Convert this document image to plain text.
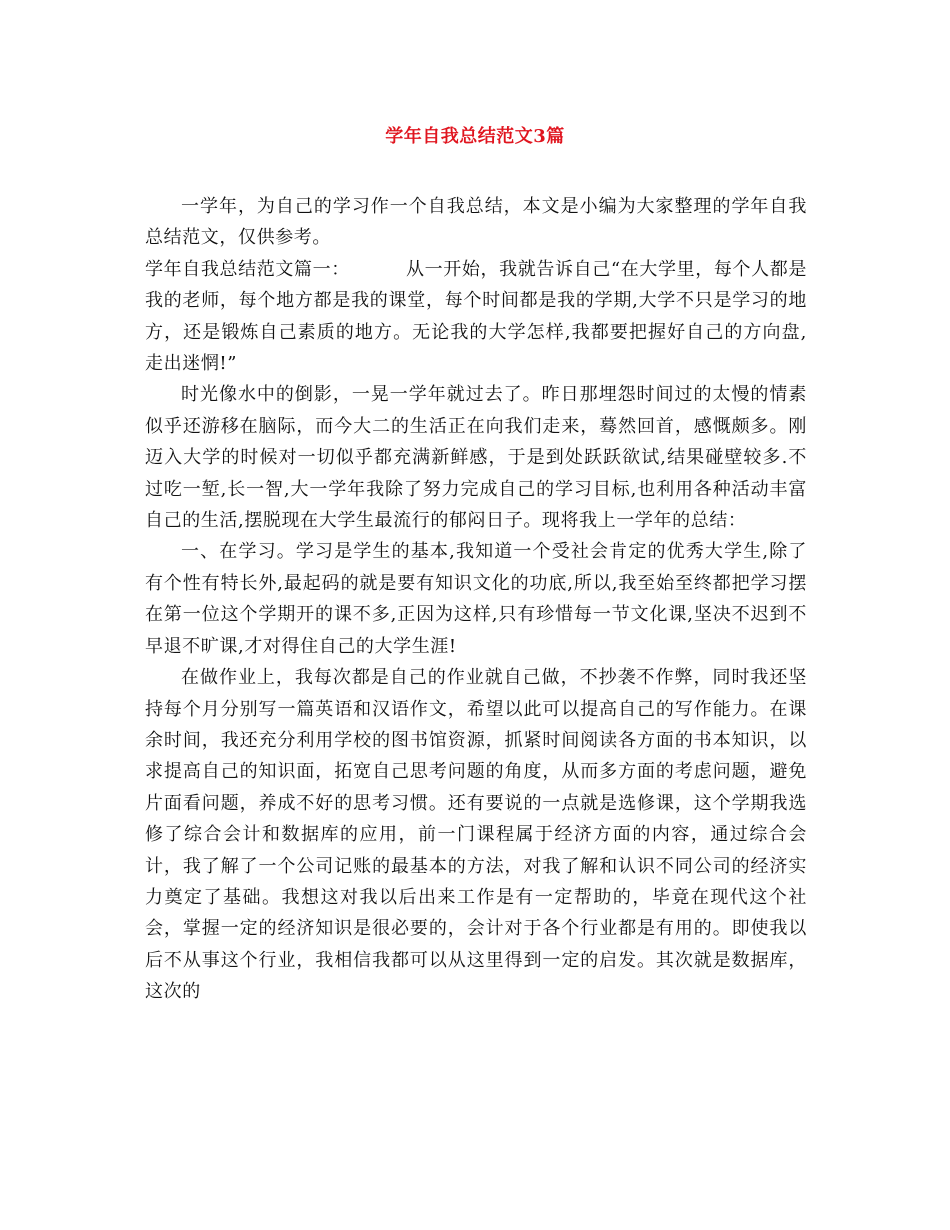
学年自我总结范文3篇

一学年，为自己的学习作一个自我总结，本文是小编为大家整理的学年自我总结范文，仅供参考。

学年自我总结范文篇一：	从一开始，我就告诉自己“在大学里，每个人都是我的老师，每个地方都是我的课堂，每个时间都是我的学期,大学不只是学习的地方，还是锻炼自己素质的地方。无论我的大学怎样,我都要把握好自己的方向盘,走出迷惘!”

时光像水中的倒影，一晃一学年就过去了。昨日那埋怨时间过的太慢的情素似乎还游移在脑际，而今大二的生活正在向我们走来，蓦然回首，感慨颇多。刚迈入大学的时候对一切似乎都充满新鲜感，于是到处跃跃欲试,结果碰壁较多.不过吃一堑,长一智,大一学年我除了努力完成自己的学习目标,也利用各种活动丰富自己的生活,摆脱现在大学生最流行的郁闷日子。现将我上一学年的总结：

一、在学习。学习是学生的基本,我知道一个受社会肯定的优秀大学生,除了有个性有特长外,最起码的就是要有知识文化的功底,所以,我至始至终都把学习摆在第一位这个学期开的课不多,正因为这样,只有珍惜每一节文化课,坚决不迟到不早退不旷课,才对得住自己的大学生涯!

在做作业上，我每次都是自己的作业就自己做，不抄袭不作弊，同时我还坚持每个月分别写一篇英语和汉语作文，希望以此可以提高自己的写作能力。在课余时间，我还充分利用学校的图书馆资源，抓紧时间阅读各方面的书本知识，以求提高自己的知识面，拓宽自己思考问题的角度，从而多方面的考虑问题，避免片面看问题，养成不好的思考习惯。还有要说的一点就是选修课，这个学期我选修了综合会计和数据库的应用，前一门课程属于经济方面的内容，通过综合会计，我了解了一个公司记账的最基本的方法，对我了解和认识不同公司的经济实力奠定了基础。我想这对我以后出来工作是有一定帮助的，毕竟在现代这个社会，掌握一定的经济知识是很必要的，会计对于各个行业都是有用的。即使我以后不从事这个行业，我相信我都可以从这里得到一定的启发。其次就是数据库，这次的
